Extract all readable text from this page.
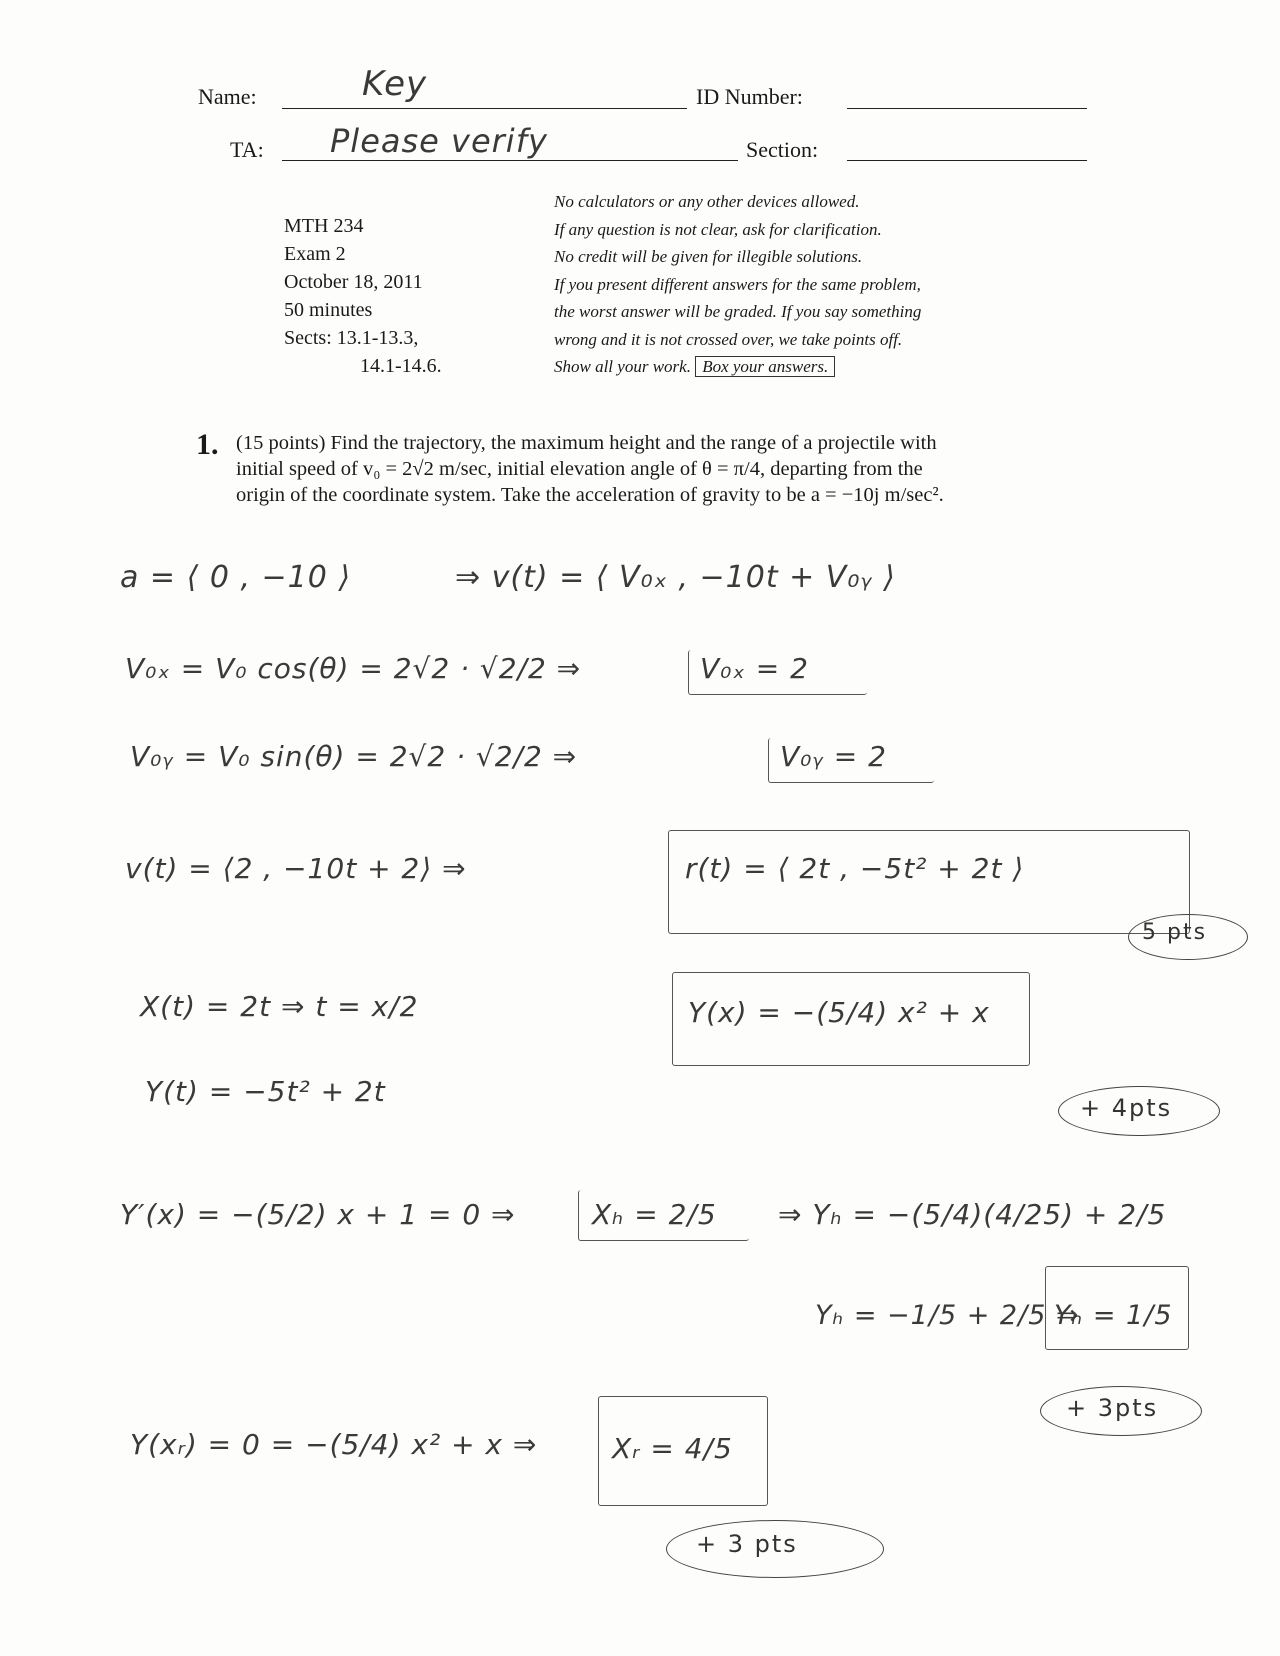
Name:	Key	ID Number:
TA: Please verify	Section:
MTH 234
Exam 2
October 18, 2011
50 minutes
Sects: 13.1-13.3,
14.1-14.6.
No calculators or any other devices allowed.
If any question is not clear, ask for clarification.
No credit will be given for illegible solutions.
If you present different answers for the same problem,
the worst answer will be graded. If you say something
wrong and it is not crossed over, we take points off.
Show all your work. Box your answers.
1. (15 points) Find the trajectory, the maximum height and the range of a projectile with
initial speed of v₀ = 2√2 m/sec, initial elevation angle of θ = π/4, departing from the
origin of the coordinate system. Take the acceleration of gravity to be a = −10j m/sec².
a = ⟨ 0 , −10 ⟩	⇒ v(t) = ⟨ V₀ₓ , −10t + V₀ᵧ ⟩
V₀ₓ = V₀ cos(θ) = 2√2 · √2/2 ⇒	V₀ₓ = 2
V₀ᵧ = V₀ sin(θ) = 2√2 · √2/2 ⇒	V₀ᵧ = 2
v(t) = ⟨2 , −10t + 2⟩ ⇒	r(t) = ⟨ 2t , −5t² + 2t ⟩
5 pts
X(t) = 2t ⇒ t = x/2
Y(t) = −5t² + 2t
Y(x) = −(5/4) x² + x
+ 4pts
Y′(x) = −(5/2) x + 1 = 0 ⇒	Xₕ = 2/5 ⇒ Yₕ = −(5/4)(4/25) + 2/5
Yₕ = −1/5 + 2/5 ⇒
Yₕ = 1/5
+ 3pts
Y(xᵣ) = 0 = −(5/4) x² + x ⇒	Xᵣ = 4/5
+ 3 pts
